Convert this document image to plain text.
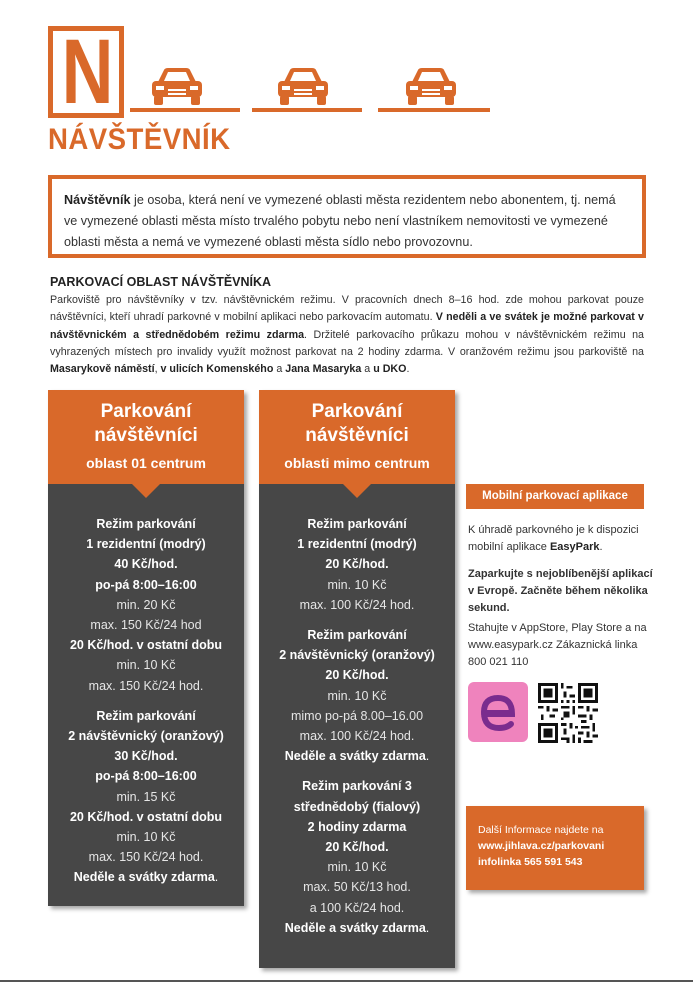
N
NÁVŠTĚVNÍK
Návštěvník je osoba, která není ve vymezené oblasti města rezidentem nebo abonentem, tj. nemá ve vymezené oblasti města místo trvalého pobytu nebo není vlastníkem nemovitosti ve vymezené oblasti města a nemá ve vymezené oblasti města sídlo nebo provozovnu.
PARKOVACÍ OBLAST NÁVŠTĚVNÍKA
Parkoviště pro návštěvníky v tzv. návštěvnickém režimu. V pracovních dnech 8–16 hod. zde mohou parkovat pouze návštěvníci, kteří uhradí parkovné v mobilní aplikaci nebo parkovacím automatu. V neděli a ve svátek je možné parkovat v návštěvnickém a střednědobém režimu zdarma. Držitelé parkovacího průkazu mohou v návštěvnickém režimu na vyhrazených místech pro invalidy využít možnost parkovat na 2 hodiny zdarma. V oranžovém režimu jsou parkoviště na Masarykově náměstí, v ulicích Komenského a Jana Masaryka a u DKO.
Parkování
návštěvníci
oblast 01 centrum
Režim parkování
1 rezidentní (modrý)
40 Kč/hod.
po-pá 8:00–16:00
min. 20 Kč
max. 150 Kč/24 hod
20 Kč/hod. v ostatní dobu
min. 10 Kč
max. 150 Kč/24 hod.
Režim parkování
2 návštěvnický (oranžový)
30 Kč/hod.
po-pá 8:00–16:00
min. 15 Kč
20 Kč/hod. v ostatní dobu
min. 10 Kč
max. 150 Kč/24 hod.
Neděle a svátky zdarma.
Parkování
návštěvníci
oblasti mimo centrum
Režim parkování
1 rezidentní (modrý)
20 Kč/hod.
min. 10 Kč
max. 100 Kč/24 hod.
Režim parkování
2 návštěvnický (oranžový)
20 Kč/hod.
min. 10 Kč
mimo po-pá 8.00–16.00
max. 100 Kč/24 hod.
Neděle a svátky zdarma.
Režim parkování 3
střednědobý (fialový)
2 hodiny zdarma
20 Kč/hod.
min. 10 Kč
max. 50 Kč/13 hod.
a 100 Kč/24 hod.
Neděle a svátky zdarma.
Mobilní parkovací aplikace
K úhradě parkovného je k dispozici mobilní aplikace EasyPark.
Zaparkujte s nejoblíbenější aplikací v Evropě. Začněte během několika sekund.
Stahujte v AppStore, Play Store a na www.easypark.cz Zákaznická linka 800 021 110
Další Informace najdete na
www.jihlava.cz/parkovani
infolinka 565 591 543
